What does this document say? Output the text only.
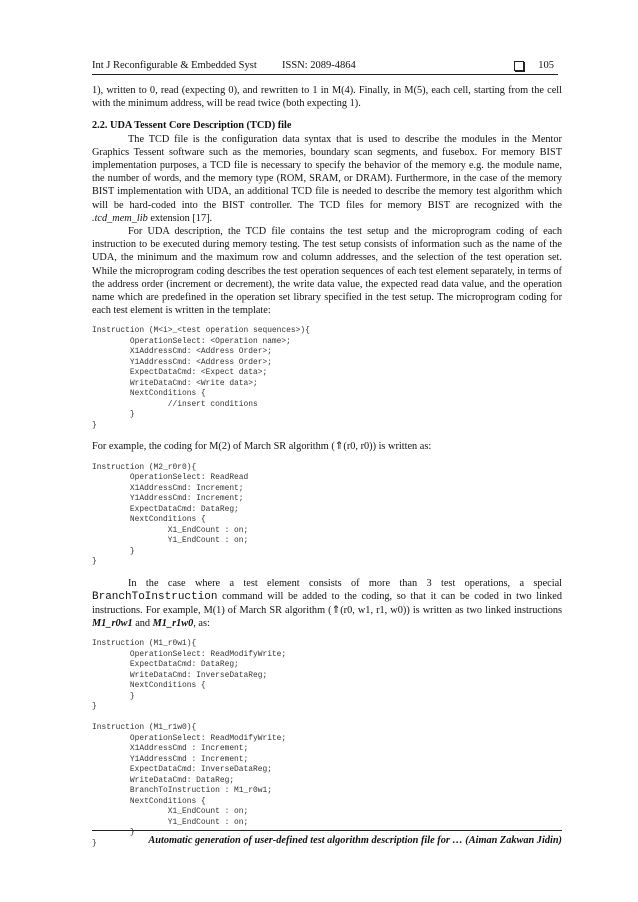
Int J Reconfigurable & Embedded Syst ISSN: 2089-4864	105

1), written to 0, read (expecting 0), and rewritten to 1 in M(4). Finally, in M(5), each cell, starting from the cell with the minimum address, will be read twice (both expecting 1).

2.2. UDA Tessent Core Description (TCD) file

The TCD file is the configuration data syntax that is used to describe the modules in the Mentor Graphics Tessent software such as the memories, boundary scan segments, and fusebox. For memory BIST implementation purposes, a TCD file is necessary to specify the behavior of the memory e.g. the module name, the number of words, and the memory type (ROM, SRAM, or DRAM). Furthermore, in the case of the memory BIST implementation with UDA, an additional TCD file is needed to describe the memory test algorithm which will be hard-coded into the BIST controller. The TCD files for memory BIST are recognized with the .tcd_mem_lib extension [17].

For UDA description, the TCD file contains the test setup and the microprogram coding of each instruction to be executed during memory testing. The test setup consists of information such as the name of the UDA, the minimum and the maximum row and column addresses, and the selection of the test operation set. While the microprogram coding describes the test operation sequences of each test element separately, in terms of the address order (increment or decrement), the write data value, the expected read data value, and the operation name which are predefined in the operation set library specified in the test setup. The microprogram coding for each test element is written in the template:

Instruction (M<i>_<test operation sequences>){
OperationSelect: <Operation name>;
X1AddressCmd: <Address Order>;
Y1AddressCmd: <Address Order>;
ExpectDataCmd: <Expect data>;
WriteDataCmd: <Write data>;
NextConditions {
//insert conditions
}
}

For example, the coding for M(2) of March SR algorithm (⇑(r0, r0)) is written as:

Instruction (M2_r0r0){
OperationSelect: ReadRead
X1AddressCmd: Increment;
Y1AddressCmd: Increment;
ExpectDataCmd: DataReg;
NextConditions {
X1_EndCount : on;
Y1_EndCount : on;
}
}

In the case where a test element consists of more than 3 test operations, a special BranchToInstruction command will be added to the coding, so that it can be coded in two linked instructions. For example, M(1) of March SR algorithm (⇑(r0, w1, r1, w0)) is written as two linked instructions M1_r0w1 and M1_r1w0, as:

Instruction (M1_r0w1){
OperationSelect: ReadModifyWrite;
ExpectDataCmd: DataReg;
WriteDataCmd: InverseDataReg;
NextConditions {
}
}

Instruction (M1_r1w0){
OperationSelect: ReadModifyWrite;
X1AddressCmd : Increment;
Y1AddressCmd : Increment;
ExpectDataCmd: InverseDataReg;
WriteDataCmd: DataReg;
BranchToInstruction : M1_r0w1;
NextConditions {
X1_EndCount : on;
Y1_EndCount : on;
}
}	Automatic generation of user-defined test algorithm description file for … (Aiman Zakwan Jidin)
